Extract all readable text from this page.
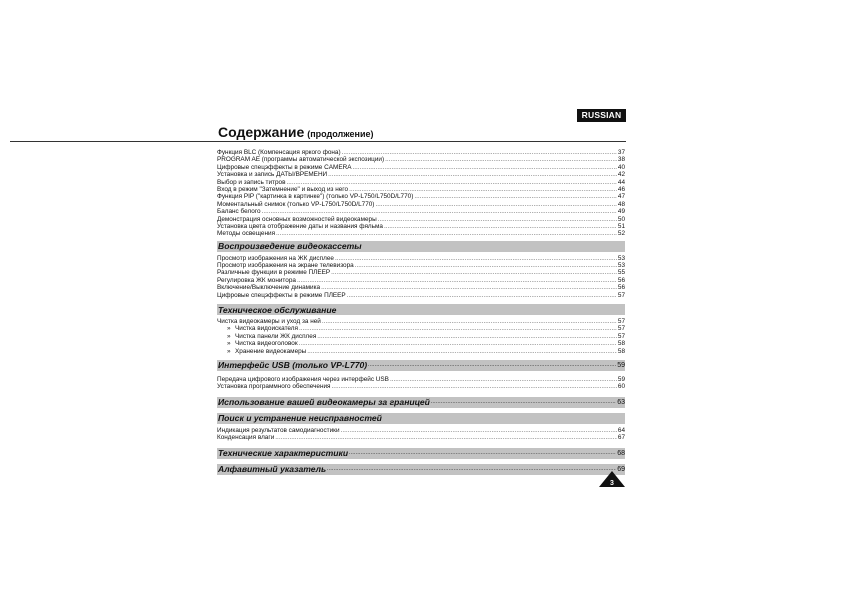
RUSSIAN
Содержание (продолжение)
Функция BLC (Компенсация яркого фона) .....	37
PROGRAM AE (программы автоматической экспозиции) .....	38
Цифровые спецэффекты в режиме CAMERA .....	40
Установка и запись ДАТЫ/ВРЕМЕНИ .....	42
Выбор и запись титров .....	44
Вход в режим "Затемнение" и выход из него .....	46
Функция PIP ("картинка в картинке") (только VP-L750/L750D/L770) .....	47
Моментальный снимок (только VP-L750/L750D/L770) .....	48
Баланс белого .....	49
Демонстрация основных возможностей видеокамеры .....	50
Установка цвета отображение даты и названия фяльма .....	51
Методы освещения .....	52
Воспроизведение видеокассеты
Просмотр изображения на ЖК дисплее .....	53
Просмотр изображения на экране телевизора .....	53
Различные функции в режиме ПЛЕЕР .....	55
Регулировка ЖК монитора .....	56
Включение/Выключение динамика .....	56
Цифровые спецэффекты в режиме ПЛЕЕР .....	57
Техническое обслуживание
Чистка видеокамеры и уход за ней .....	57
» Чистка видоискателя .....	57
» Чистка панели ЖК дисплея .....	57
» Чистка видеоголовок .....	58
» Хранение видеокамеры .....	58
Интерфейс USB (только VP-L770) .....	59
Передача цифрового изображения через интерфейс USB .....	59
Установка программного обеспечения .....	60
Использование вашей видеокамеры за границей .....	63
Поиск и устранение неисправностей
Индикация результатов самодиагностики .....	64
Конденсация влаги .....	67
Технические характеристики .....	68
Алфавитный указатель .....	69
3
